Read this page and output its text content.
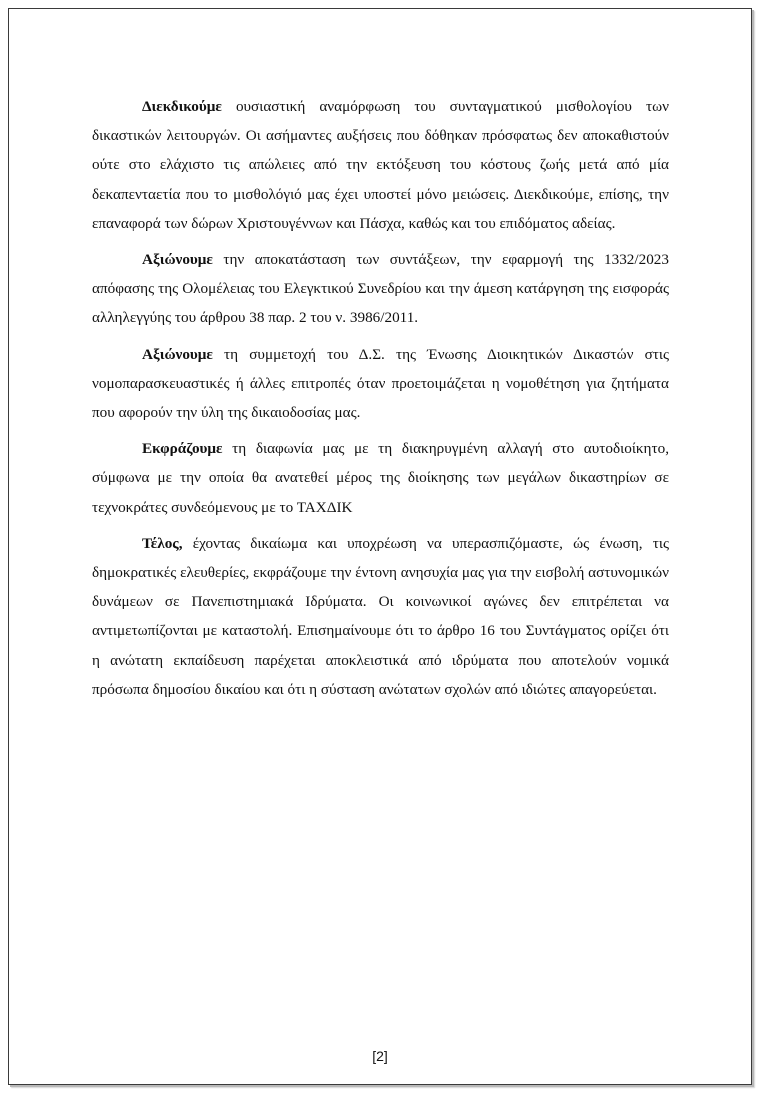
Διεκδικούμε ουσιαστική αναμόρφωση του συνταγματικού μισθολογίου των δικαστικών λειτουργών. Οι ασήμαντες αυξήσεις που δόθηκαν πρόσφατως δεν αποκαθιστούν ούτε στο ελάχιστο τις απώλειες από την εκτόξευση του κόστους ζωής μετά από μία δεκαπενταετία που το μισθολόγιό μας έχει υποστεί μόνο μειώσεις. Διεκδικούμε, επίσης, την επαναφορά των δώρων Χριστουγέννων και Πάσχα, καθώς και του επιδόματος αδείας.

Αξιώνουμε την αποκατάσταση των συντάξεων, την εφαρμογή της 1332/2023 απόφασης της Ολομέλειας του Ελεγκτικού Συνεδρίου και την άμεση κατάργηση της εισφοράς αλληλεγγύης του άρθρου 38 παρ. 2 του ν. 3986/2011.

Αξιώνουμε τη συμμετοχή του Δ.Σ. της Ένωσης Διοικητικών Δικαστών στις νομοπαρασκευαστικές ή άλλες επιτροπές όταν προετοιμάζεται η νομοθέτηση για ζητήματα που αφορούν την ύλη της δικαιοδοσίας μας.

Εκφράζουμε τη διαφωνία μας με τη διακηρυγμένη αλλαγή στο αυτοδιοίκητο, σύμφωνα με την οποία θα ανατεθεί μέρος της διοίκησης των μεγάλων δικαστηρίων σε τεχνοκράτες συνδεόμενους με το ΤΑΧΔΙΚ

Τέλος, έχοντας δικαίωμα και υποχρέωση να υπερασπιζόμαστε, ώς ένωση, τις δημοκρατικές ελευθερίες, εκφράζουμε την έντονη ανησυχία μας για την εισβολή αστυνομικών δυνάμεων σε Πανεπιστημιακά Ιδρύματα. Οι κοινωνικοί αγώνες δεν επιτρέπεται να αντιμετωπίζονται με καταστολή. Επισημαίνουμε ότι το άρθρο 16 του Συντάγματος ορίζει ότι η ανώτατη εκπαίδευση παρέχεται αποκλειστικά από ιδρύματα που αποτελούν νομικά πρόσωπα δημοσίου δικαίου και ότι η σύσταση ανώτατων σχολών από ιδιώτες απαγορεύεται.

[2]
